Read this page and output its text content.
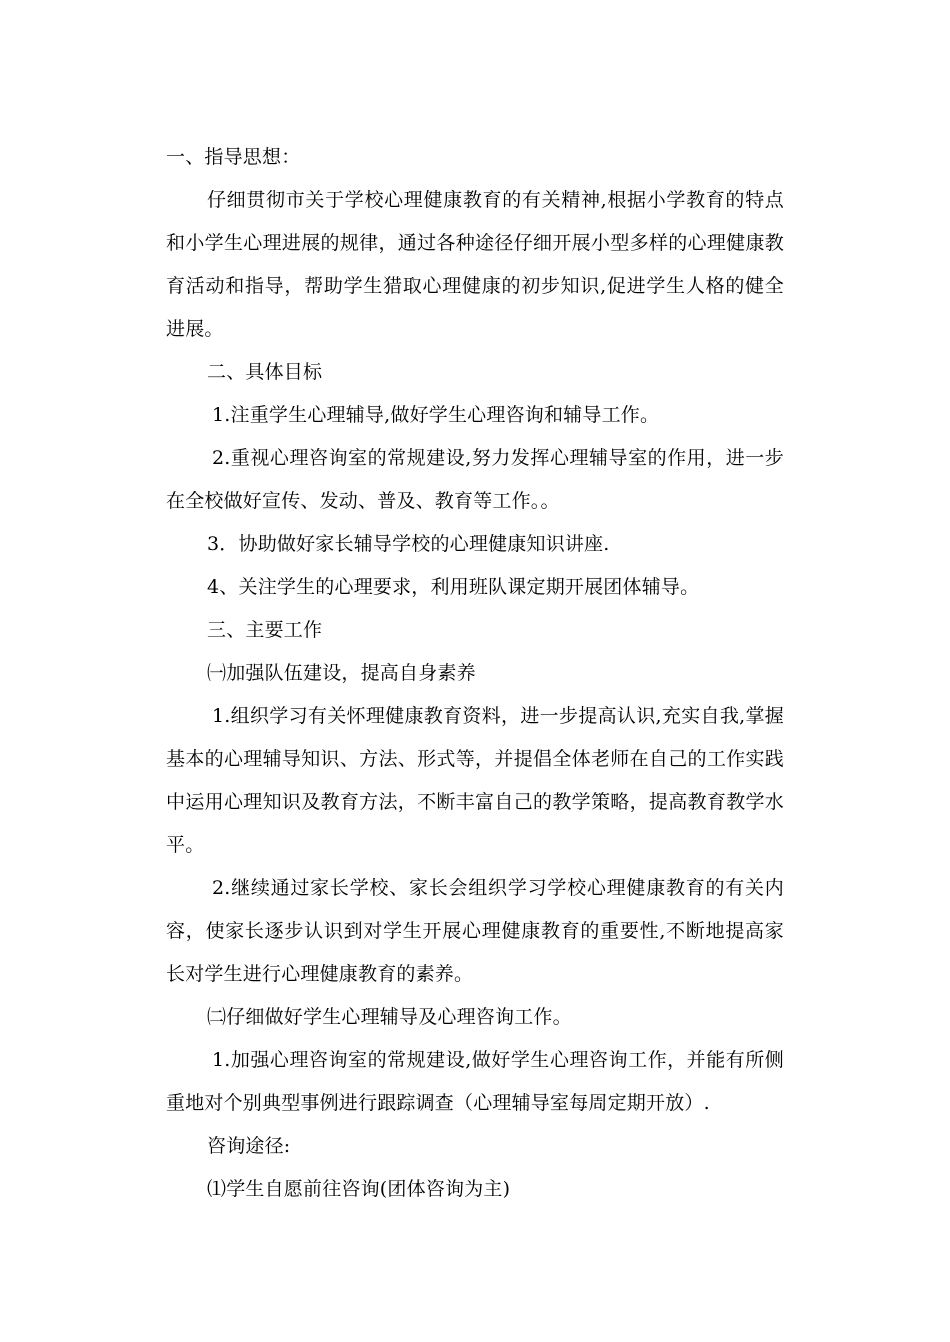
一、指导思想：

仔细贯彻市关于学校心理健康教育的有关精神,根据小学教育的特点和小学生心理进展的规律，通过各种途径仔细开展小型多样的心理健康教育活动和指导，帮助学生猎取心理健康的初步知识,促进学生人格的健全进展。

二、具体目标

1.注重学生心理辅导,做好学生心理咨询和辅导工作。

2.重视心理咨询室的常规建设,努力发挥心理辅导室的作用，进一步在全校做好宣传、发动、普及、教育等工作。。

3．协助做好家长辅导学校的心理健康知识讲座.

4、关注学生的心理要求，利用班队课定期开展团体辅导。

三、主要工作

㈠加强队伍建设，提高自身素养

1.组织学习有关怀理健康教育资料，进一步提高认识,充实自我,掌握基本的心理辅导知识、方法、形式等，并提倡全体老师在自己的工作实践中运用心理知识及教育方法，不断丰富自己的教学策略，提高教育教学水平。

2.继续通过家长学校、家长会组织学习学校心理健康教育的有关内容，使家长逐步认识到对学生开展心理健康教育的重要性,不断地提高家长对学生进行心理健康教育的素养。

㈡仔细做好学生心理辅导及心理咨询工作。

1.加强心理咨询室的常规建设,做好学生心理咨询工作，并能有所侧重地对个别典型事例进行跟踪调查（心理辅导室每周定期开放）.

咨询途径:

⑴学生自愿前往咨询(团体咨询为主)
